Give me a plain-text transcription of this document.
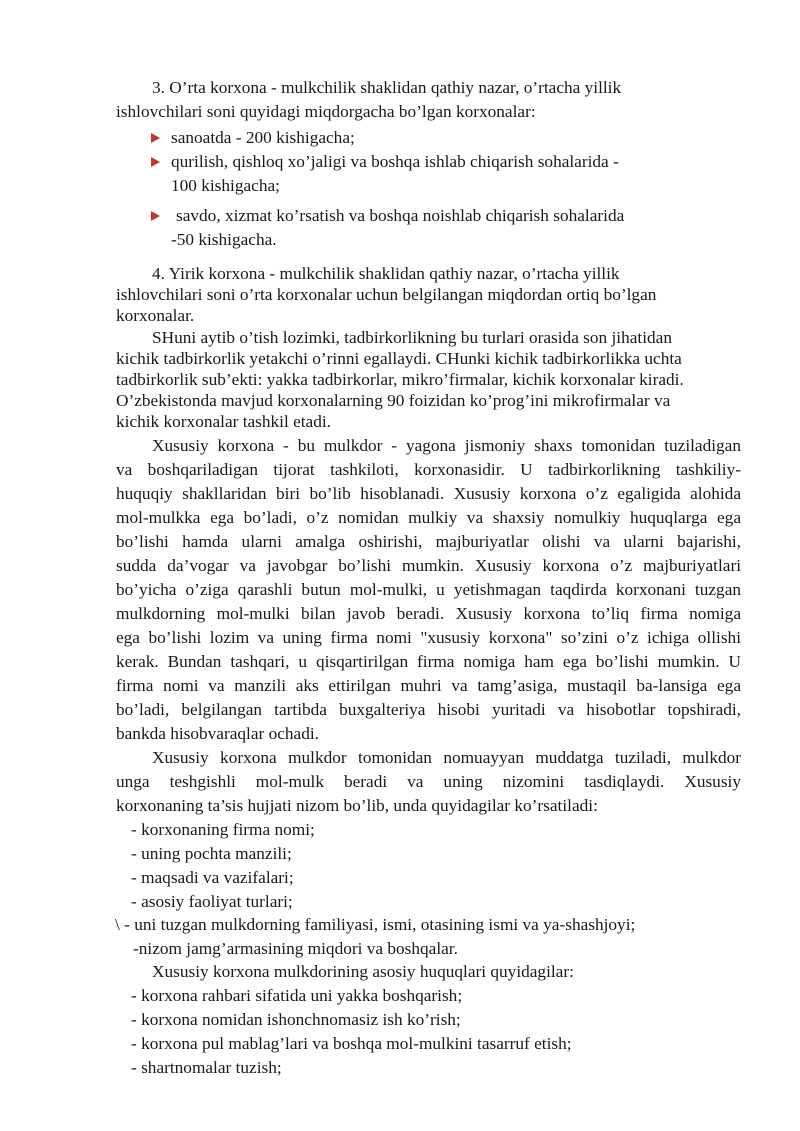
3. O’rta korxona - mulkchilik shaklidan qathiy nazar, o’rtacha yillik
ishlovchilari soni quyidagi miqdorgacha bo’lgan korxonalar:
sanoatda - 200 kishigacha;
qurilish, qishloq xo’jaligi va boshqa ishlab chiqarish sohalarida -
100 kishigacha;
savdo, xizmat ko’rsatish va boshqa noishlab chiqarish sohalarida
-50 kishigacha.
4. Yirik korxona - mulkchilik shaklidan qathiy nazar, o’rtacha yillik
ishlovchilari soni o’rta korxonalar uchun belgilangan miqdordan ortiq bo’lgan
korxonalar.
SHuni aytib o’tish lozimki, tadbirkorlikning bu turlari orasida son jihatidan
kichik tadbirkorlik yetakchi o’rinni egallaydi. CHunki kichik tadbirkorlikka uchta
tadbirkorlik sub’ekti: yakka tadbirkorlar, mikro’firmalar, kichik korxonalar kiradi.
O’zbekistonda mavjud korxonalarning 90 foizidan ko’prog’ini mikrofirmalar va
kichik korxonalar tashkil etadi.
Xususiy korxona - bu mulkdor - yagona jismoniy shaxs tomonidan tuziladigan
va boshqariladigan tijorat tashkiloti, korxonasidir. U tadbirkorlikning tashkiliy-
huquqiy shakllaridan biri bo’lib hisoblanadi. Xususiy korxona o’z egaligida alohida
mol-mulkka ega bo’ladi, o’z nomidan mulkiy va shaxsiy nomulkiy huquqlarga ega
bo’lishi hamda ularni amalga oshirishi, majburiyatlar olishi va ularni bajarishi,
sudda da’vogar va javobgar bo’lishi mumkin. Xususiy korxona o’z majburiyatlari
bo’yicha o’ziga qarashli butun mol-mulki, u yetishmagan taqdirda korxonani tuzgan
mulkdorning mol-mulki bilan javob beradi. Xususiy korxona to’liq firma nomiga
ega bo’lishi lozim va uning firma nomi "xususiy korxona" so’zini o’z ichiga ollishi
kerak. Bundan tashqari, u qisqartirilgan firma nomiga ham ega bo’lishi mumkin. U
firma nomi va manzili aks ettirilgan muhri va tamg’asiga, mustaqil ba-lansiga ega
bo’ladi, belgilangan tartibda buxgalteriya hisobi yuritadi va hisobotlar topshiradi,
bankda hisobvaraqlar ochadi.
Xususiy korxona mulkdor tomonidan nomuayyan muddatga tuziladi, mulkdor
unga teshgishli mol-mulk beradi va uning nizomini tasdiqlaydi. Xususiy
korxonaning ta’sis hujjati nizom bo’lib, unda quyidagilar ko’rsatiladi:
- korxonaning firma nomi;
- uning pochta manzili;
- maqsadi va vazifalari;
- asosiy faoliyat turlari;
\ - uni tuzgan mulkdorning familiyasi, ismi, otasining ismi va ya-shashjoyi;
-nizom jamg’armasining miqdori va boshqalar.
Xususiy korxona mulkdorining asosiy huquqlari quyidagilar:
- korxona rahbari sifatida uni yakka boshqarish;
- korxona nomidan ishonchnomasiz ish ko’rish;
- korxona pul mablag’lari va boshqa mol-mulkini tasarruf etish;
- shartnomalar tuzish;
